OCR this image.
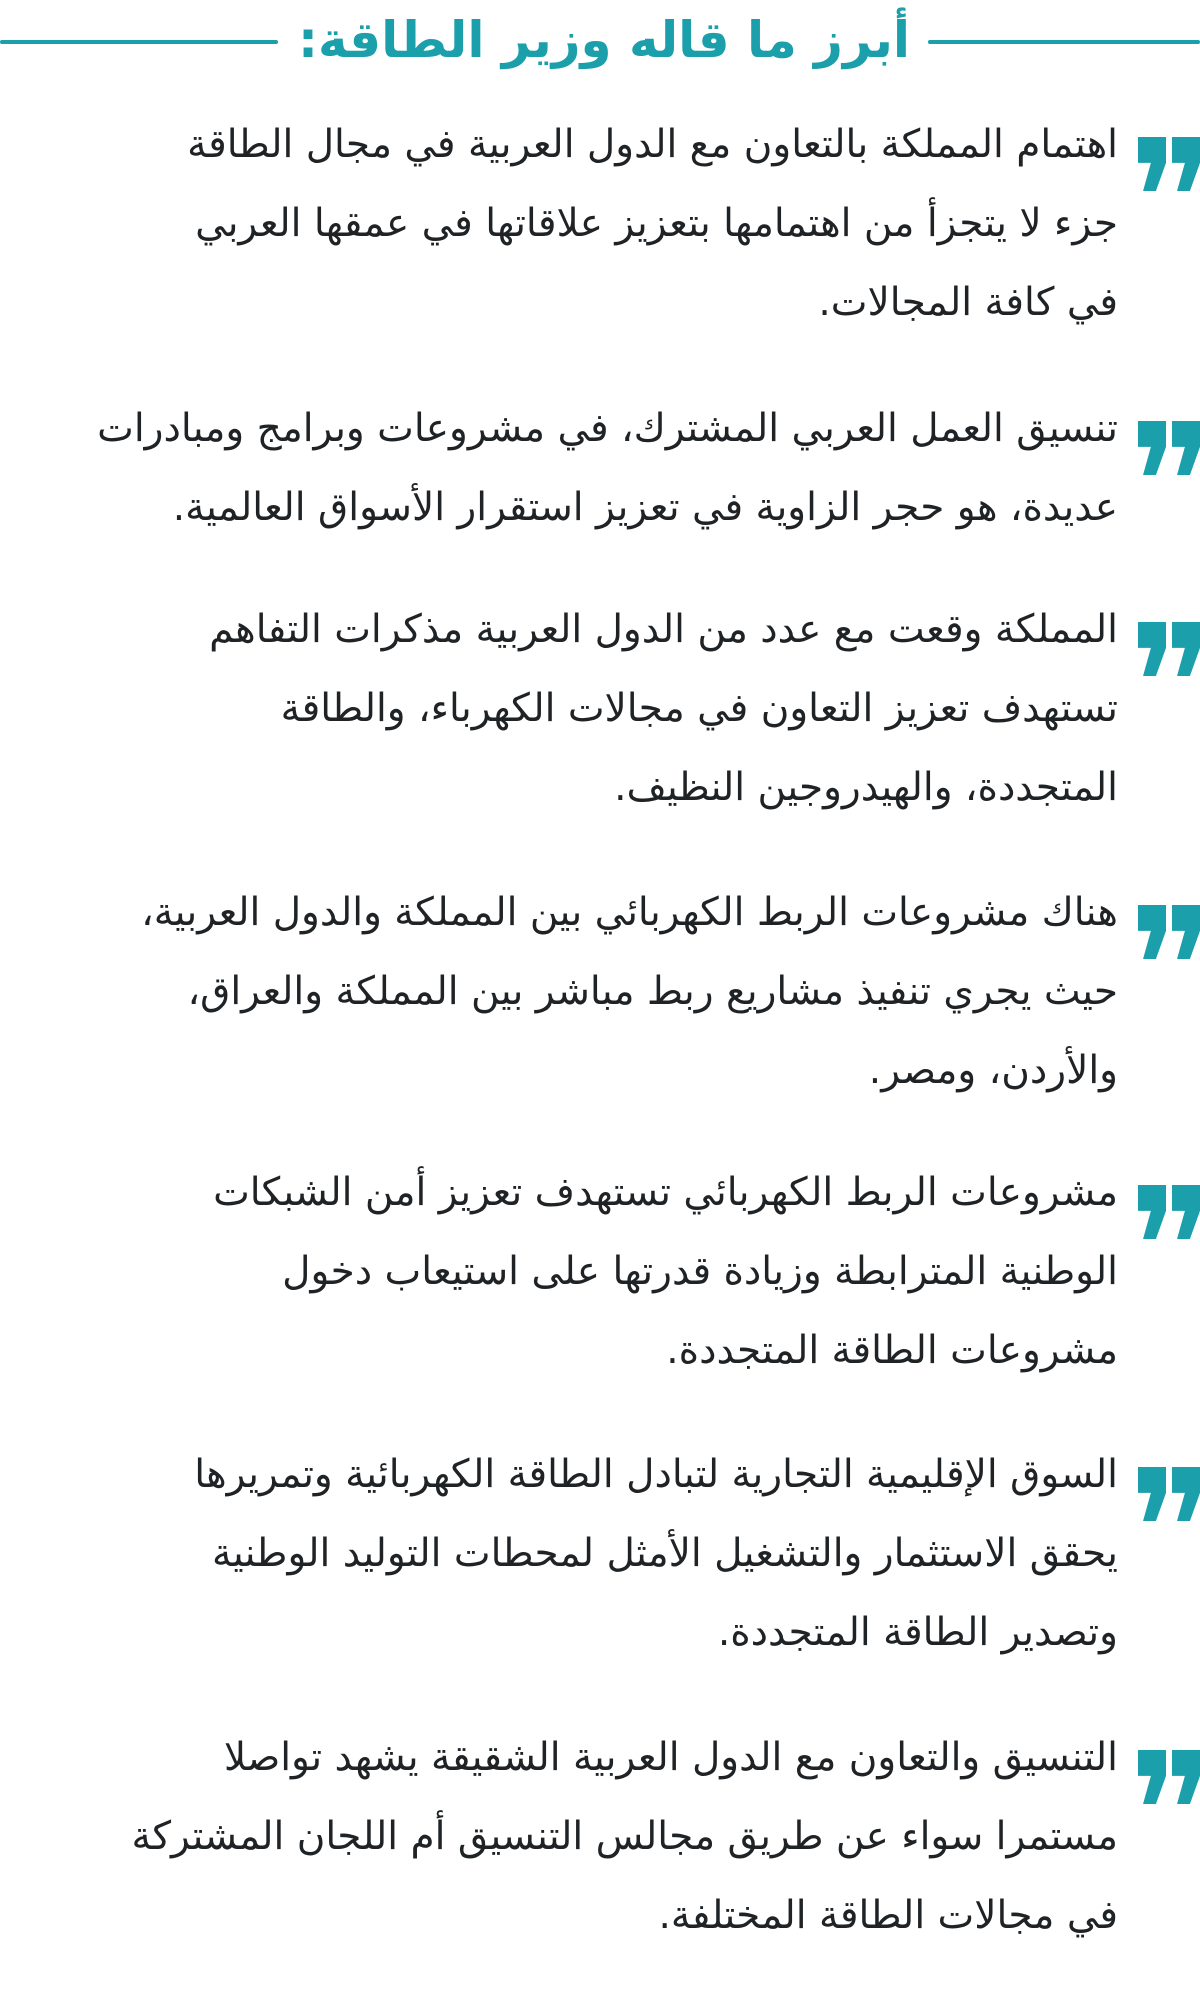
أبرز ما قاله وزير الطاقة:
اهتمام المملكة بالتعاون مع الدول العربية في مجال الطاقة
جزء لا يتجزأ من اهتمامها بتعزيز علاقاتها في عمقها العربي
في كافة المجالات.
تنسيق العمل العربي المشترك، في مشروعات وبرامج ومبادرات
عديدة، هو حجر الزاوية في تعزيز استقرار الأسواق العالمية.
المملكة وقعت مع عدد من الدول العربية مذكرات التفاهم
تستهدف تعزيز التعاون في مجالات الكهرباء، والطاقة
المتجددة، والهيدروجين النظيف.
هناك مشروعات الربط الكهربائي بين المملكة والدول العربية،
حيث يجري تنفيذ مشاريع ربط مباشر بين المملكة والعراق،
والأردن، ومصر.
مشروعات الربط الكهربائي تستهدف تعزيز أمن الشبكات
الوطنية المترابطة وزيادة قدرتها على استيعاب دخول
مشروعات الطاقة المتجددة.
السوق الإقليمية التجارية لتبادل الطاقة الكهربائية وتمريرها
يحقق الاستثمار والتشغيل الأمثل لمحطات التوليد الوطنية
وتصدير الطاقة المتجددة.
التنسيق والتعاون مع الدول العربية الشقيقة يشهد تواصلا
مستمرا سواء عن طريق مجالس التنسيق أم اللجان المشتركة
في مجالات الطاقة المختلفة.
